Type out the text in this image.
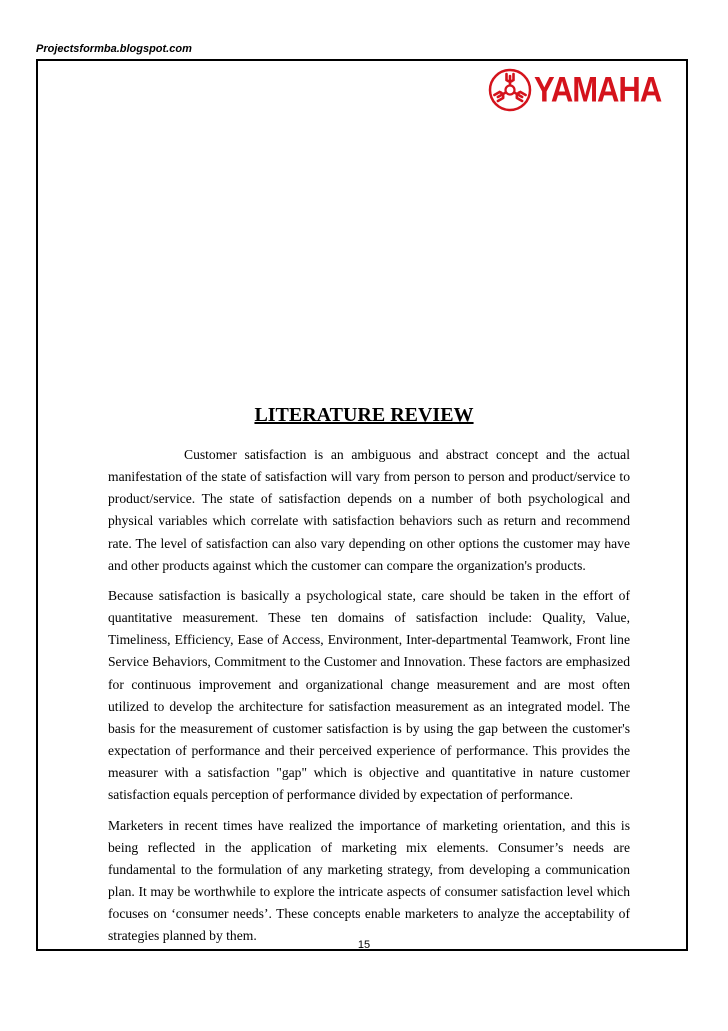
Projectsformba.blogspot.com
YAMAHA
LITERATURE REVIEW

Customer satisfaction is an ambiguous and abstract concept and the actual manifestation of the state of satisfaction will vary from person to person and product/service to product/service. The state of satisfaction depends on a number of both psychological and physical variables which correlate with satisfaction behaviors such as return and recommend rate. The level of satisfaction can also vary depending on other options the customer may have and other products against which the customer can compare the organization's products.

Because satisfaction is basically a psychological state, care should be taken in the effort of quantitative measurement. These ten domains of satisfaction include: Quality, Value, Timeliness, Efficiency, Ease of Access, Environment, Inter-departmental Teamwork, Front line Service Behaviors, Commitment to the Customer and Innovation. These factors are emphasized for continuous improvement and organizational change measurement and are most often utilized to develop the architecture for satisfaction measurement as an integrated model. The basis for the measurement of customer satisfaction is by using the gap between the customer's expectation of performance and their perceived experience of performance. This provides the measurer with a satisfaction "gap" which is objective and quantitative in nature customer satisfaction equals perception of performance divided by expectation of performance.

Marketers in recent times have realized the importance of marketing orientation, and this is being reflected in the application of marketing mix elements. Consumer’s needs are fundamental to the formulation of any marketing strategy, from developing a communication plan. It may be worthwhile to explore the intricate aspects of consumer satisfaction level which focuses on ‘consumer needs’. These concepts enable marketers to analyze the acceptability of strategies planned by them.

15
